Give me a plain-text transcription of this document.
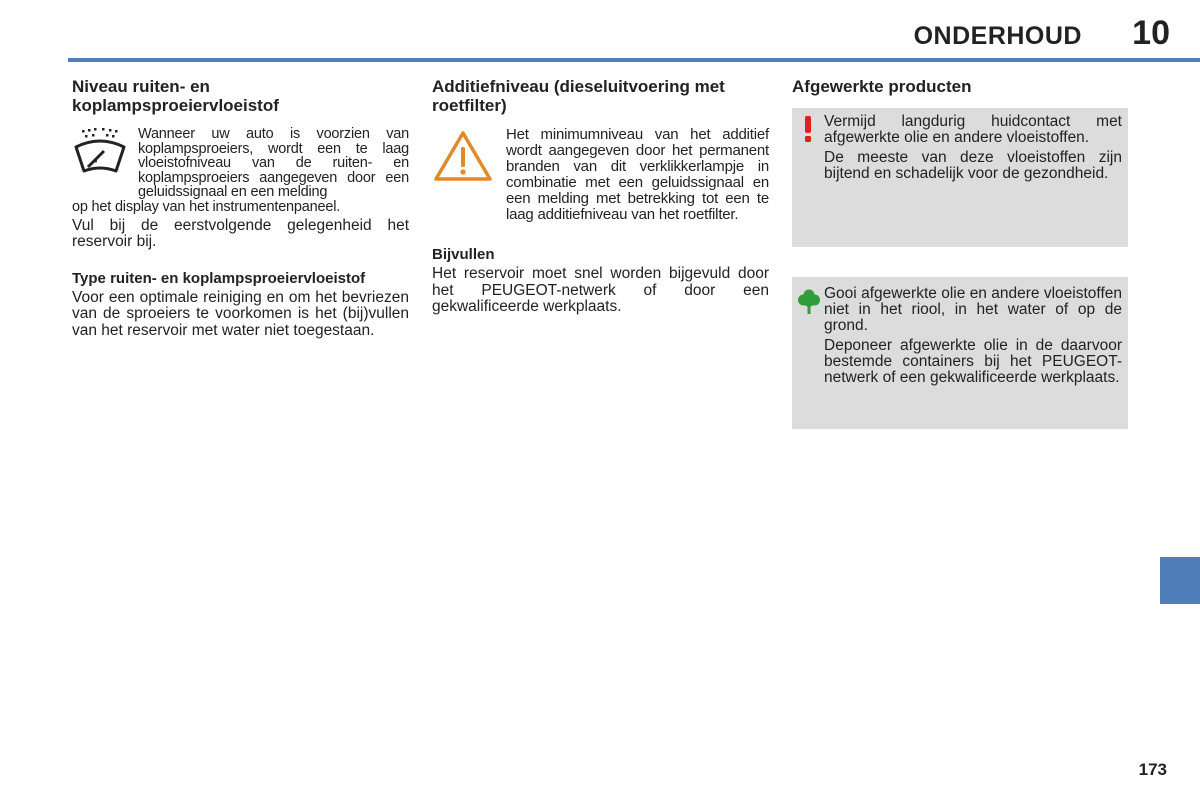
ONDERHOUD 10
Niveau ruiten- en koplampsproeiervloeistof

Wanneer uw auto is voorzien van koplampsproeiers, wordt een te laag vloeistofniveau van de ruiten- en koplampsproeiers aangegeven door een geluidssignaal en een melding

op het display van het instrumentenpaneel.

Vul bij de eerstvolgende gelegenheid het reservoir bij.

Type ruiten- en koplampsproeiervloeistof

Voor een optimale reiniging en om het bevriezen van de sproeiers te voorkomen is het (bij)vullen van het reservoir met water niet toegestaan.

Additiefniveau (dieseluitvoering met roetfilter)

Het minimumniveau van het additief wordt aangegeven door het permanent branden van dit verklikkerlampje in combinatie met een geluidssignaal en een melding met betrekking tot een te laag additiefniveau van het roetfilter.

Bijvullen

Het reservoir moet snel worden bijgevuld door het PEUGEOT-netwerk of door een gekwalificeerde werkplaats.

Afgewerkte producten

Vermijd langdurig huidcontact met afgewerkte olie en andere vloeistoffen.

De meeste van deze vloeistoffen zijn bijtend en schadelijk voor de gezondheid.

Gooi afgewerkte olie en andere vloeistoffen niet in het riool, in het water of op de grond.

Deponeer afgewerkte olie in de daarvoor bestemde containers bij het PEUGEOT-netwerk of een gekwalificeerde werkplaats.

173
